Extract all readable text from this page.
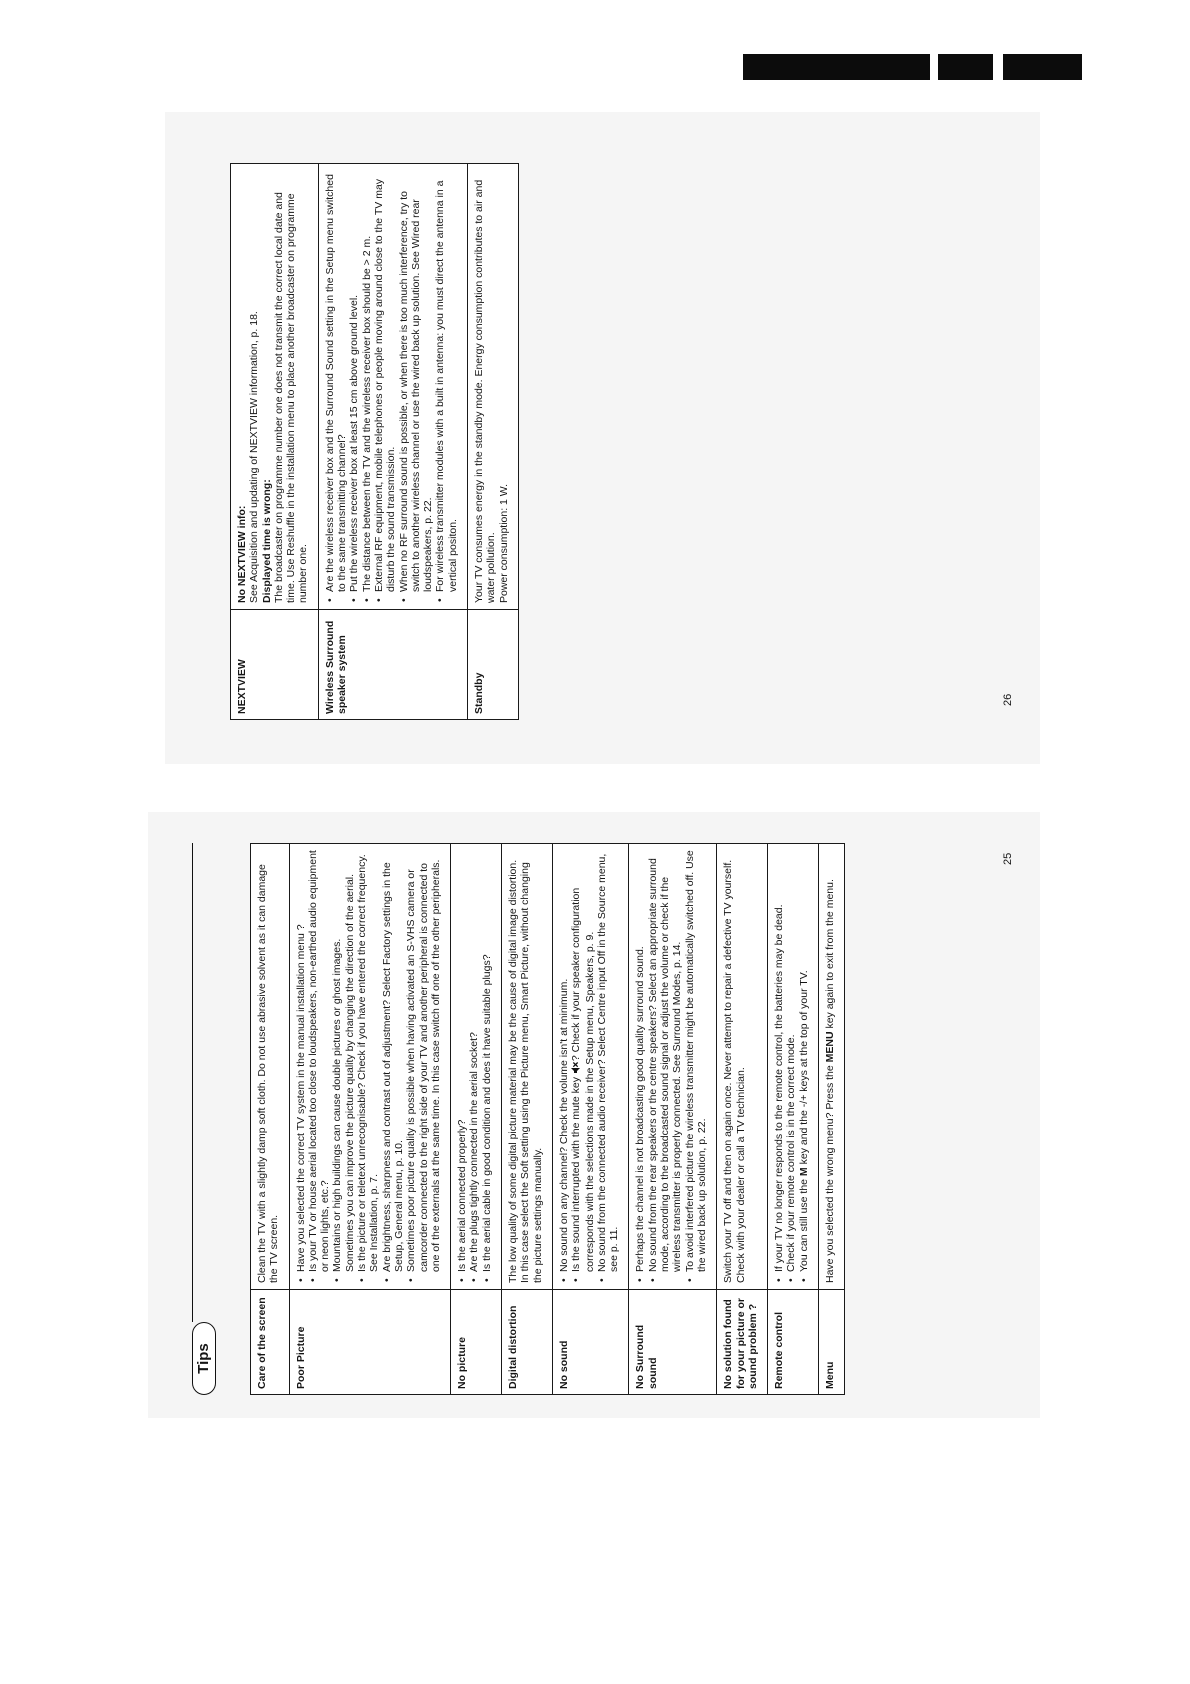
Tips	Care of the screen
Clean the TV with a slightly damp soft cloth. Do not use abrasive solvent as it can damage the TV screen.
Poor Picture
• Have you selected the correct TV system in the manual installation menu ? • Is your TV or house aerial located too close to loudspeakers, non-earthed audio equipment or neon lights, etc.? • Mountains or high buildings can cause double pictures or ghost images.
Sometimes you can improve the picture quality by changing the direction of the aerial. • Is the picture or teletext unrecognisable? Check if you have entered the correct frequency. See Installation, p. 7. • Are brightness, sharpness and contrast out of adjustment? Select Factory settings in the Setup, General menu, p. 10. • Sometimes poor picture quality is possible when having activated an S-VHS camera or camcorder connected to the right side of your TV and another peripheral is connected to one of the externals at the same time. In this case switch off one of the other peripherals.
No picture
• Is the aerial connected properly? • Are the plugs tightly connected in the aerial socket? • Is the aerial cable in good condition and does it have suitable plugs?
Digital distortion
The low quality of some digital picture material may be the cause of digital image distortion. In this case select the Soft setting using the Picture menu, Smart Picture, without changing the picture settings manually.
No sound
• No sound on any channel? Check the volume isn't at minimum. • Is the sound interrupted with the mute key ? Check if your speaker configuration corresponds with the selections made in the Setup menu, Speakers, p. 9. • No sound from the connected audio receiver? Select Centre input Off in the Source menu, see p. 11.
No Surround sound
• Perhaps the channel is not broadcasting good quality surround sound. • No sound from the rear speakers or the centre speakers? Select an appropriate surround mode, according to the broadcasted sound signal or adjust the volume or check if the wireless transmitter is properly connected. See Surround Modes, p. 14. • To avoid interfered picture the wireless transmitter might be automatically switched off. Use the wired back up solution, p. 22.
No solution found for your picture or sound problem ?
Switch your TV off and then on again once. Never attempt to repair a defective TV yourself. Check with your dealer or call a TV technician.
Remote control
• If your TV no longer responds to the remote control, the batteries may be dead. • Check if your remote control is in the correct mode. • You can still use the M key and the -/+ keys at the top of your TV.
Menu
Have you selected the wrong menu? Press the MENU key again to exit from the menu.
25
NEXTVIEW
No NEXTVIEW info: See Acquisition and updating of NEXTVIEW information, p. 18. Displayed time is wrong: The broadcaster on programme number one does not transmit the correct local date and time. Use Reshuffle in the installation menu to place another broadcaster on programme number one.
Wireless Surround speaker system
• Are the wireless receiver box and the Surround Sound setting in the Setup menu switched to the same transmitting channel? • Put the wireless receiver box at least 15 cm above ground level. • The distance between the TV and the wireless receiver box should be > 2 m. • External RF equipment, mobile telephones or people moving around close to the TV may disturb the sound transmission. • When no RF surround sound is possible, or when there is too much interference, try to switch to another wireless channel or use the wired back up solution. See Wired rear loudspeakers, p. 22. • For wireless transmitter modules with a built in antenna: you must direct the antenna in a vertical positon.
Standby
Your TV consumes energy in the standby mode. Energy consumption contributes to air and water pollution. Power consumption: 1 W.
26
